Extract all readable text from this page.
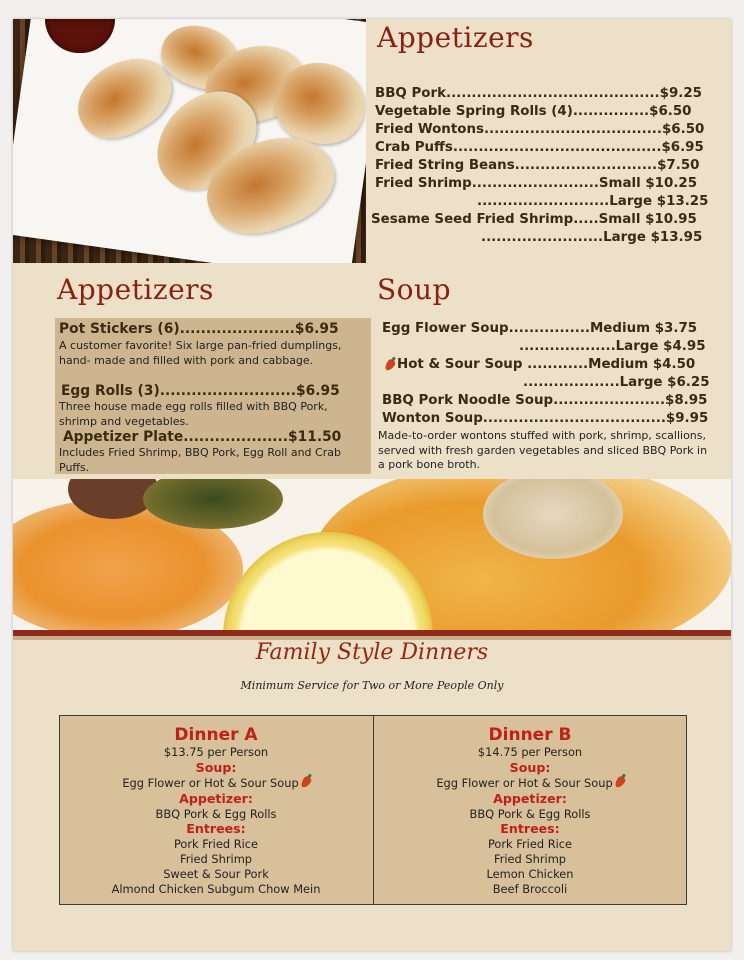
Appetizers
BBQ Pork..........................................$9.25
Vegetable Spring Rolls (4)...............$6.50
Fried Wontons...................................$6.50
Crab Puffs.........................................$6.95
Fried String Beans............................$7.50
Fried Shrimp.........................Small $10.25
..........................Large $13.25
Sesame Seed Fried Shrimp.....Small $10.95
........................Large $13.95
Appetizers
Pot Stickers (6)......................$6.95
A customer favorite! Six large pan-fried dumplings, hand- made and filled with pork and cabbage.
Egg Rolls (3)..........................$6.95
Three house made egg rolls filled with BBQ Pork, shrimp and vegetables.
Appetizer Plate....................$11.50
Includes Fried Shrimp, BBQ Pork, Egg Roll and Crab Puffs.
Soup
Egg Flower Soup................Medium $3.75
...................Large $4.95
Hot & Sour Soup ............Medium $4.50
...................Large $6.25
BBQ Pork Noodle Soup......................$8.95
Wonton Soup....................................$9.95
Made-to-order wontons stuffed with pork, shrimp, scallions, served with fresh garden vegetables and sliced BBQ Pork in a pork bone broth.
Family Style Dinners
Minimum Service for Two or More People Only
Dinner A
$13.75 per Person
Soup:
Egg Flower or Hot & Sour Soup
Appetizer:
BBQ Pork & Egg Rolls
Entrees:
Pork Fried Rice
Fried Shrimp
Sweet & Sour Pork
Almond Chicken Subgum Chow Mein
Dinner B
$14.75 per Person
Soup:
Egg Flower or Hot & Sour Soup
Appetizer:
BBQ Pork & Egg Rolls
Entrees:
Pork Fried Rice
Fried Shrimp
Lemon Chicken
Beef Broccoli
